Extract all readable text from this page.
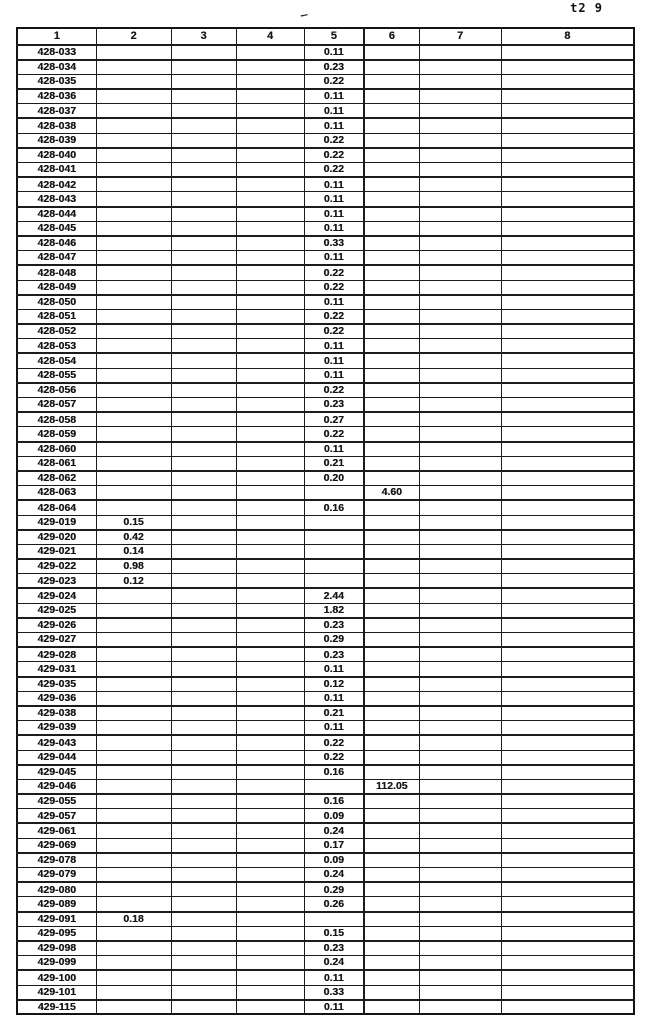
t2 9
-–
1	2	3	4	5	6	7	8
428-033				0.11			
428-034				0.23			
428-035				0.22			
428-036				0.11			
428-037				0.11			
428-038				0.11			
428-039				0.22			
428-040				0.22			
428-041				0.22			
428-042				0.11			
428-043				0.11			
428-044				0.11			
428-045				0.11			
428-046				0.33			
428-047				0.11			
428-048				0.22			
428-049				0.22			
428-050				0.11			
428-051				0.22			
428-052				0.22			
428-053				0.11			
428-054				0.11			
428-055				0.11			
428-056				0.22			
428-057				0.23			
428-058				0.27			
428-059				0.22			
428-060				0.11			
428-061				0.21			
428-062				0.20			
428-063					4.60		
428-064				0.16			
429-019	0.15						
429-020	0.42						
429-021	0.14						
429-022	0.98						
429-023	0.12						
429-024				2.44			
429-025				1.82			
429-026				0.23			
429-027				0.29			
429-028				0.23			
429-031				0.11			
429-035				0.12			
429-036				0.11			
429-038				0.21			
429-039				0.11			
429-043				0.22			
429-044				0.22			
429-045				0.16			
429-046					112.05		
429-055				0.16			
429-057				0.09			
429-061				0.24			
429-069				0.17			
429-078				0.09			
429-079				0.24			
429-080				0.29			
429-089				0.26			
429-091	0.18						
429-095				0.15			
429-098				0.23			
429-099				0.24			
429-100				0.11			
429-101				0.33			
429-115				0.11			
